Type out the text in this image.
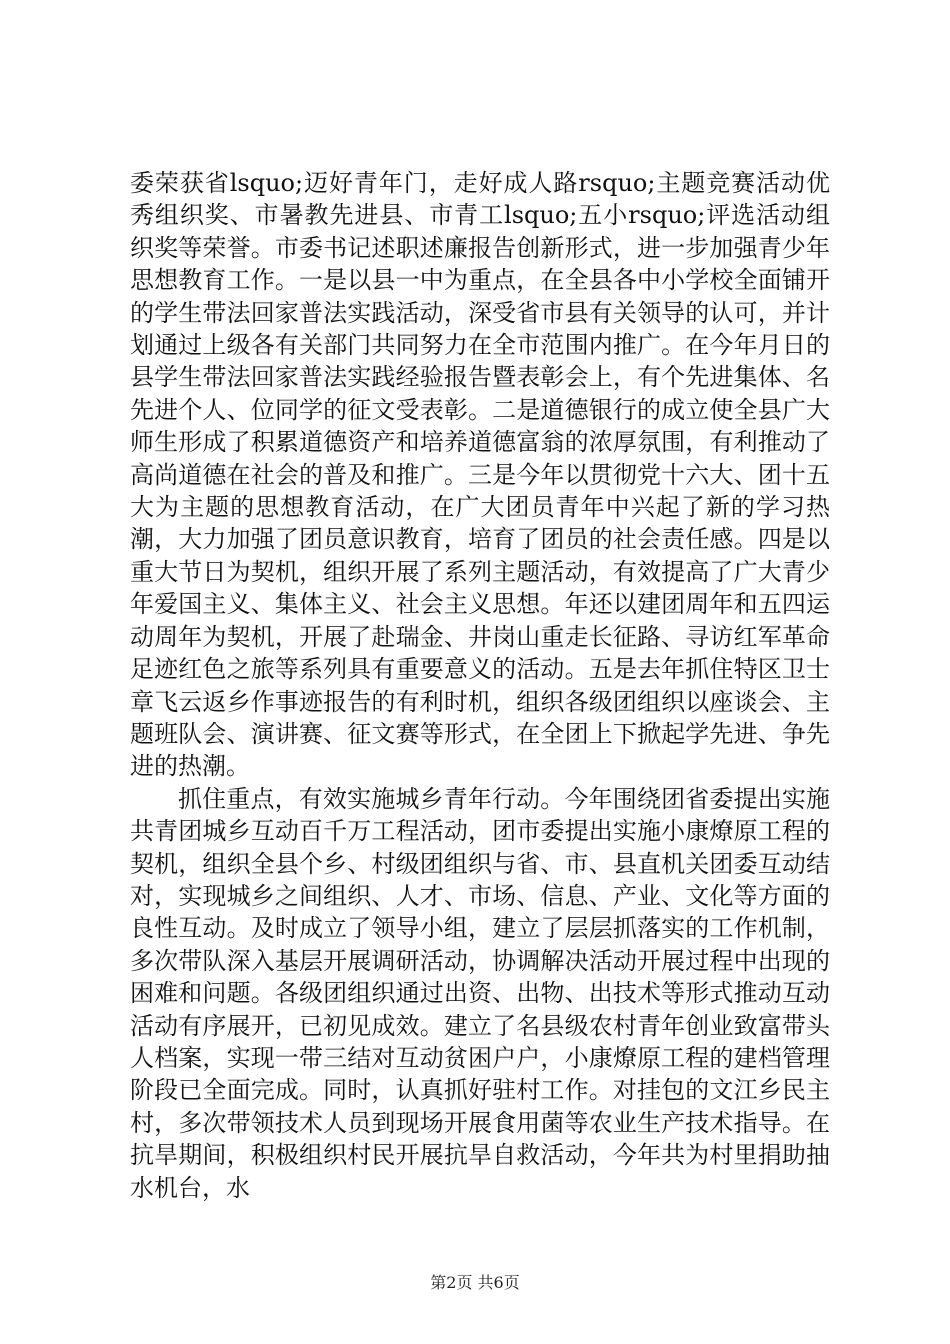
委荣获省lsquo;迈好青年门，走好成人路rsquo;主题竞赛活动优秀组织奖、市暑教先进县、市青工lsquo;五小rsquo;评选活动组织奖等荣誉。市委书记述职述廉报告创新形式，进一步加强青少年思想教育工作。一是以县一中为重点，在全县各中小学校全面铺开的学生带法回家普法实践活动，深受省市县有关领导的认可，并计划通过上级各有关部门共同努力在全市范围内推广。在今年月日的县学生带法回家普法实践经验报告暨表彰会上，有个先进集体、名先进个人、位同学的征文受表彰。二是道德银行的成立使全县广大师生形成了积累道德资产和培养道德富翁的浓厚氛围，有利推动了高尚道德在社会的普及和推广。三是今年以贯彻党十六大、团十五大为主题的思想教育活动，在广大团员青年中兴起了新的学习热潮，大力加强了团员意识教育，培育了团员的社会责任感。四是以重大节日为契机，组织开展了系列主题活动，有效提高了广大青少年爱国主义、集体主义、社会主义思想。年还以建团周年和五四运动周年为契机，开展了赴瑞金、井岗山重走长征路、寻访红军革命足迹红色之旅等系列具有重要意义的活动。五是去年抓住特区卫士章飞云返乡作事迹报告的有利时机，组织各级团组织以座谈会、主题班队会、演讲赛、征文赛等形式，在全团上下掀起学先进、争先进的热潮。

抓住重点，有效实施城乡青年行动。今年围绕团省委提出实施共青团城乡互动百千万工程活动，团市委提出实施小康燎原工程的契机，组织全县个乡、村级团组织与省、市、县直机关团委互动结对，实现城乡之间组织、人才、市场、信息、产业、文化等方面的良性互动。及时成立了领导小组，建立了层层抓落实的工作机制，多次带队深入基层开展调研活动，协调解决活动开展过程中出现的困难和问题。各级团组织通过出资、出物、出技术等形式推动互动活动有序展开，已初见成效。建立了名县级农村青年创业致富带头人档案，实现一带三结对互动贫困户户，小康燎原工程的建档管理阶段已全面完成。同时，认真抓好驻村工作。对挂包的文江乡民主村，多次带领技术人员到现场开展食用菌等农业生产技术指导。在抗旱期间，积极组织村民开展抗旱自救活动，今年共为村里捐助抽水机台，水

第2页 共6页
